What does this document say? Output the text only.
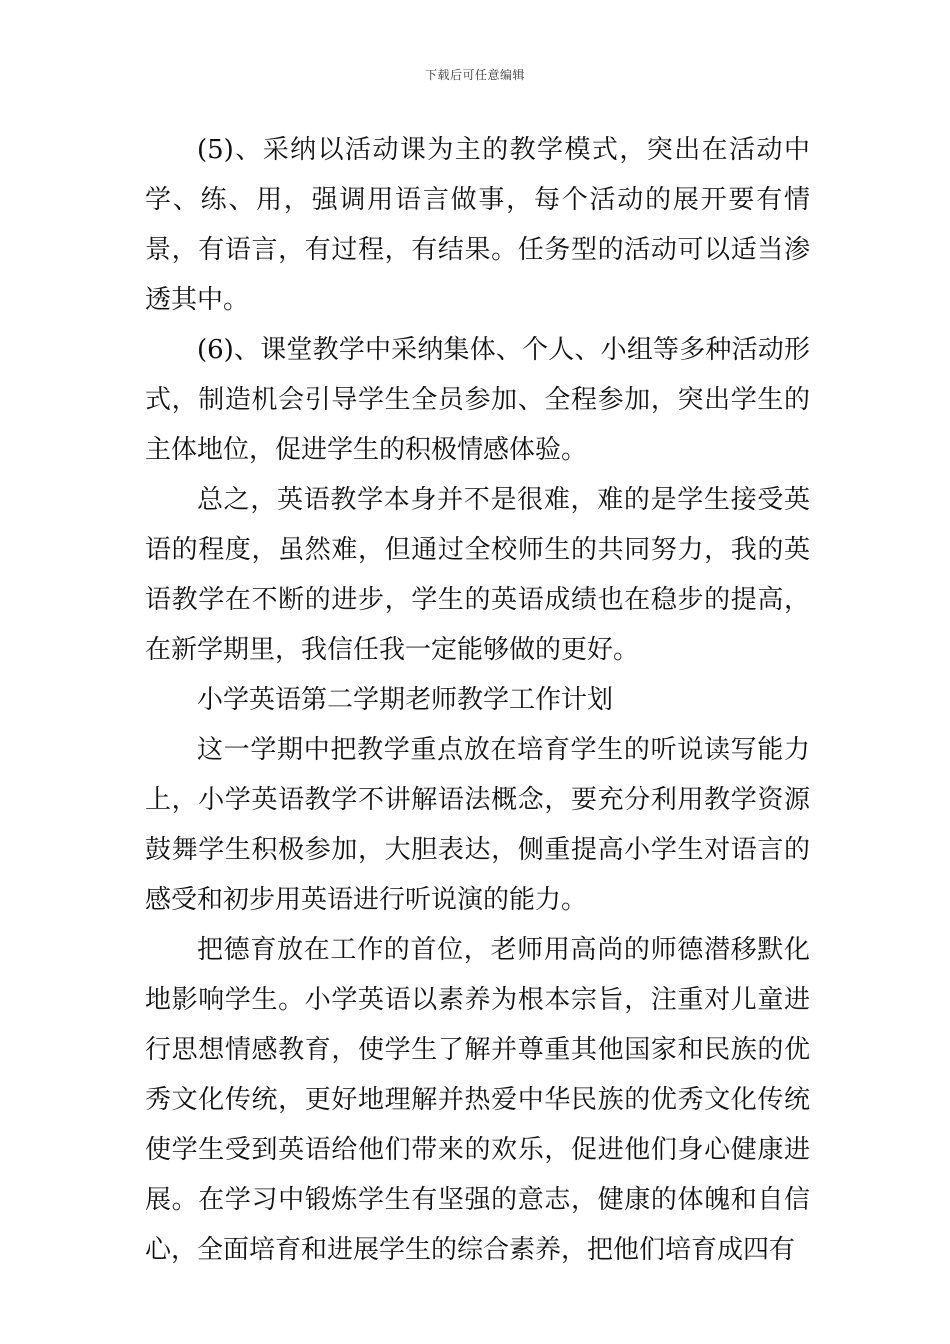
下载后可任意编辑

(5)、采纳以活动课为主的教学模式，突出在活动中学、练、用，强调用语言做事，每个活动的展开要有情景，有语言，有过程，有结果。任务型的活动可以适当渗透其中。

(6)、课堂教学中采纳集体、个人、小组等多种活动形式，制造机会引导学生全员参加、全程参加，突出学生的主体地位，促进学生的积极情感体验。

总之，英语教学本身并不是很难，难的是学生接受英语的程度，虽然难，但通过全校师生的共同努力，我的英语教学在不断的进步，学生的英语成绩也在稳步的提高，在新学期里，我信任我一定能够做的更好。

小学英语第二学期老师教学工作计划

这一学期中把教学重点放在培育学生的听说读写能力上，小学英语教学不讲解语法概念，要充分利用教学资源鼓舞学生积极参加，大胆表达，侧重提高小学生对语言的感受和初步用英语进行听说演的能力。

把德育放在工作的首位，老师用高尚的师德潜移默化地影响学生。小学英语以素养为根本宗旨，注重对儿童进行思想情感教育，使学生了解并尊重其他国家和民族的优秀文化传统，更好地理解并热爱中华民族的优秀文化传统使学生受到英语给他们带来的欢乐，促进他们身心健康进展。在学习中锻炼学生有坚强的意志，健康的体魄和自信心，全面培育和进展学生的综合素养，把他们培育成四有
